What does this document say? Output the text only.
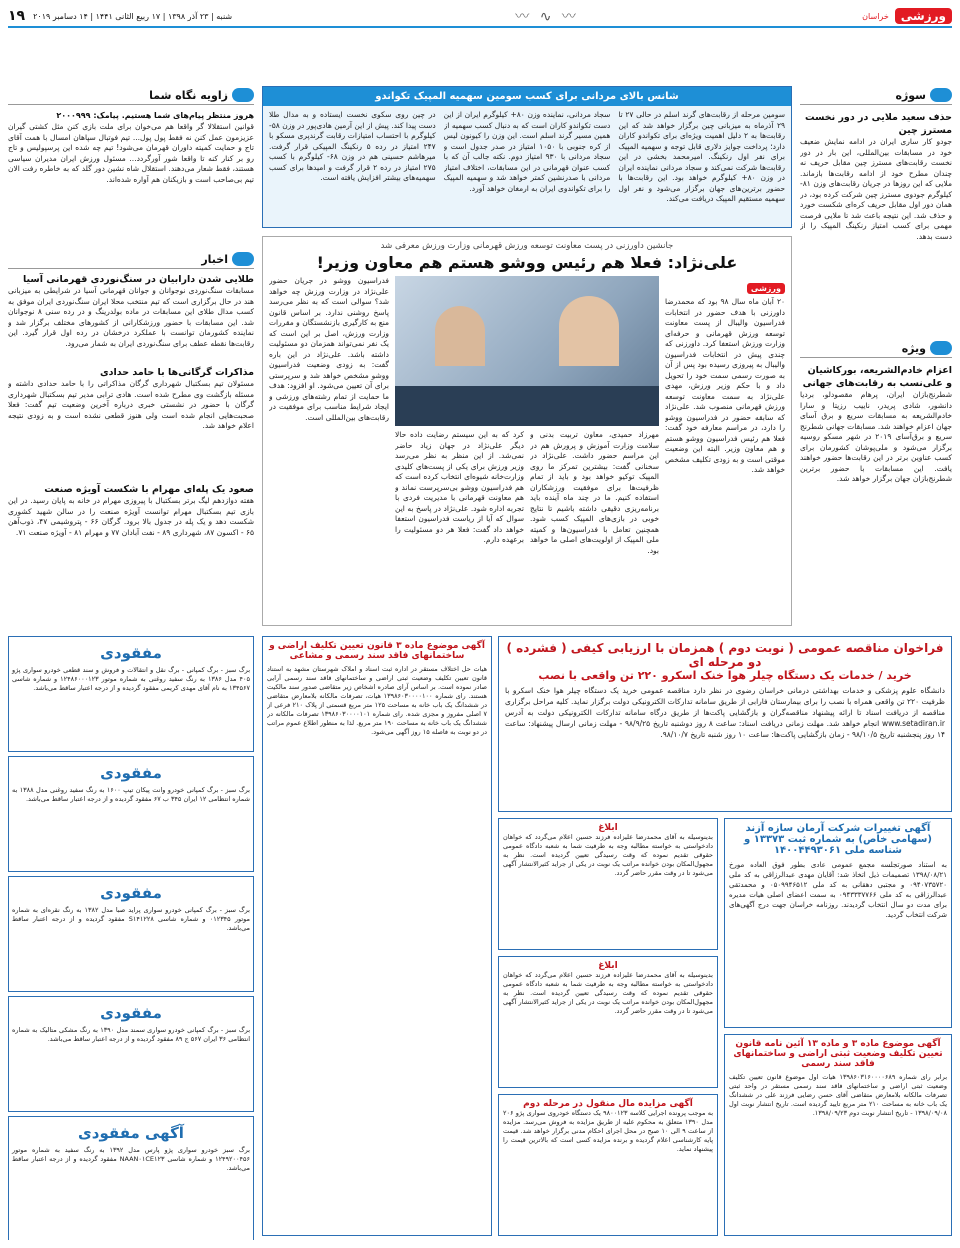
ورزشی
خراسان
〰 ∿ 〰
شنبه | ۲۳ آذر ۱۳۹۸ | ۱۷ ربیع الثانی ۱۴۴۱ | ۱۴ دسامبر ۲۰۱۹
۱۹
سوژه
حذف سعید ملایی در دور نخست مسترز چین
جودو کار ساری ایران در ادامه نمایش ضعیف خود در مسابقات بین‌المللی، این بار در دور نخست رقابت‌های مسترز چین مقابل حریف نه چندان مطرح خود از ادامه رقابت‌ها بازماند. ملایی که این روزها در جریان رقابت‌های وزن ۸۱- کیلوگرم جودوی مسترز چین شرکت کرده بود، در همان دور اول مقابل حریف کره‌ای شکست خورد و حذف شد. این نتیجه باعث شد تا ملایی فرصت مهمی برای کسب امتیاز رنکینگ المپیک را از دست بدهد.
ویژه
اعزام خادم‌الشریعه، بورکاشیان و علی‌نسب به رقابت‌های جهانی
شطرنج‌بازان ایران، پرهام مقصودلو، بردیا دانشور، شادی پریدر، ناییب رزیتا و سارا خادم‌الشریعه به مسابقات سریع و برق آسای جهان اعزام خواهند شد. مسابقات جهانی شطرنج سریع و برق‌آسای ۲۰۱۹ در شهر مسکو روسیه برگزار می‌شود و ملی‌پوشان کشورمان برای کسب عناوین برتر در این رقابت‌ها حضور خواهند یافت. این مسابقات با حضور برترین شطرنج‌بازان جهان برگزار خواهد شد.
شانس بالای مردانی برای کسب سومین سهمیه المپیک تکواندو
سومین مرحله از رقابت‌های گرند اسلم در حالی ۲۷ تا ۲۹ آذرماه به میزبانی چین برگزار خواهد شد که این رقابت‌ها به ۲ دلیل اهمیت ویژه‌ای برای تکواندو کاران دارد؛ پرداخت جوایز دلاری قابل توجه و سهمیه المپیک برای نفر اول رنکینگ. امیرمحمد بخشی در این رقابت‌ها شرکت نمی‌کند و سجاد مردانی نماینده ایران در وزن ۸۰+ کیلوگرم خواهد بود. این رقابت‌ها با حضور برترین‌های جهان برگزار می‌شود و نفر اول سهمیه مستقیم المپیک دریافت می‌کند.
سجاد مردانی، نماینده وزن ۸۰+ کیلوگرم ایران از این دست تکواندو کاران است که به دنبال کسب سهمیه از همین مسیر گرند اسلم است. این وزن را کیونون لیس از کره جنوبی با ۱۰۵۰ امتیاز در صدر جدول است و سجاد مردانی با ۹۳۰ امتیاز دوم. نکته جالب آن که با کسب عنوان قهرمانی در این مسابقات، اختلاف امتیاز مردانی با صدرنشین کمتر خواهد شد و سهمیه المپیک را برای تکواندوی ایران به ارمغان خواهد آورد.
در چین روی سکوی نخست ایستاده و به مدال طلا دست پیدا کند. پیش از این آرمین هادی‌پور در وزن ۵۸- کیلوگرم با احتساب امتیازات رقابت گرندپری مسکو با ۲۴۷ امتیاز در رده ۵ رنکینگ المپیکی قرار گرفت. میرهاشم حسینی هم در وزن ۶۸- کیلوگرم با کسب ۲۷۵ امتیاز در رده ۲ قرار گرفت و امیدها برای کسب سهمیه‌های بیشتر افزایش یافته است.
جانشین داورزنی در پست معاونت توسعه ورزش قهرمانی وزارت ورزش معرفی شد
علی‌نژاد: فعلا هم رئیس ووشو هستم هم معاون وزیر!
ورزشی
۲۰ آبان ماه سال ۹۸ بود که محمدرضا داورزنی با هدف حضور در انتخابات فدراسیون والیبال از پست معاونت توسعه ورزش قهرمانی و حرفه‌ای وزارت ورزش استعفا کرد. داورزنی که چندی پیش در انتخابات فدراسیون والیبال به پیروزی رسیده بود پس از آن به صورت رسمی سمت خود را تحویل داد و با حکم وزیر ورزش، مهدی علی‌نژاد به سمت معاونت توسعه ورزش قهرمانی منصوب شد. علی‌نژاد که سابقه حضور در فدراسیون ووشو را دارد، در مراسم معارفه خود گفت: فعلا هم رئیس فدراسیون ووشو هستم و هم معاون وزیر. البته این وضعیت موقتی است و به زودی تکلیف مشخص خواهد شد.
مهرزاد حمیدی، معاون تربیت بدنی و سلامت وزارت آموزش و پرورش هم در این مراسم حضور داشت. علی‌نژاد در سخنانی گفت: بیشترین تمرکز ما روی المپیک توکیو خواهد بود و باید از تمام ظرفیت‌ها برای موفقیت ورزشکاران استفاده کنیم. ما در چند ماه آینده باید برنامه‌ریزی دقیقی داشته باشیم تا نتایج خوبی در بازی‌های المپیک کسب شود. همچنین تعامل با فدراسیون‌ها و کمیته ملی المپیک از اولویت‌های اصلی ما خواهد بود.
کرد که به این سیستم رضایت داده حالا دیگر علی‌نژاد در جهان زیاد حاضر نمی‌شد. از این منظر به نظر می‌رسد وزیر ورزش برای یکی از پست‌های کلیدی وزارت‌خانه شیوه‌ای انتخاب کرده است که هم فدراسیون ووشو بی‌سرپرست نماند و هم معاونت قهرمانی با مدیریت فردی با تجربه اداره شود. علی‌نژاد در پاسخ به این سوال که آیا از ریاست فدراسیون استعفا خواهد داد گفت: فعلا هر دو مسئولیت را برعهده دارم.
فدراسیون ووشو در جریان حضور علی‌نژاد در وزارت ورزش چه خواهد شد؟ سوالی است که به نظر می‌رسد پاسخ روشنی ندارد. بر اساس قانون منع به کارگیری بازنشستگان و مقررات وزارت ورزش، اصل بر این است که یک نفر نمی‌تواند همزمان دو مسئولیت داشته باشد. علی‌نژاد در این باره گفت: به زودی وضعیت فدراسیون ووشو مشخص خواهد شد و سرپرستی برای آن تعیین می‌شود. او افزود: هدف ما حمایت از تمام رشته‌های ورزشی و ایجاد شرایط مناسب برای موفقیت در رقابت‌های بین‌المللی است.
زاویه نگاه شما
هروز منتظر پیام‌های شما هستیم. پیامک: ۲۰۰۰۹۹۹
قوانین استقلالا گر واقعا هم می‌خوان برای ملت بازی کنن مثل کشتی گیران عزیزمون عمل کنن نه فقط پول پول... تیم فوتبال سپاهان امسال با همت آقای تاج و حمایت کمیته داوران قهرمان می‌شود! تیم چه شده این پرسپولیس و تاج رو بر کنار کنه تا واقعا شور آورگردد... مسئول ورزش ایران مدیران سیاسی هستند، فقط شعار می‌دهند. استقلال شاه نشین دور گلد که به خاطره رفت الان تیم بی‌صاحب است و بازیکنان هم آواره شده‌اند.
اخبار
طلایی شدن دارابیان در سنگ‌نوردی قهرمانی آسیا
مسابقات سنگ‌نوردی نوجوانان و جوانان قهرمانی آسیا در شرایطی به میزبانی هند در حال برگزاری است که تیم منتخب محلا ایران سنگ‌نوردی ایران موفق به کسب مدال طلای این مسابقات در ماده بولدرینگ و در رده سنی ۸ نوجوانان شد. این مسابقات با حضور ورزشکارانی از کشورهای مختلف برگزار شد و نماینده کشورمان توانست با عملکرد درخشان در رده اول قرار گیرد. این رقابت‌ها نقطه عطف برای سنگ‌نوردی ایران به شمار می‌رود.
مذاکرات گرگانی‌ها با حامد حدادی
مسئولان تیم بسکتبال شهرداری گرگان مذاکراتی را با حامد حدادی داشته و مسئله بازگشت وی مطرح شده است. هادی ترابی مدیر تیم بسکتبال شهرداری گرگان با حضور در نشستی خبری درباره آخرین وضعیت تیم گفت: فعلا صحبت‌هایی انجام شده است ولی هنوز قطعی نشده است و به زودی نتیجه اعلام خواهد شد.
صعود یک پله‌ای مهرام با شکست آویژه صنعت
هفته دوازدهم لیگ برتر بسکتبال با پیروزی مهرام در خانه به پایان رسید. در این بازی تیم بسکتبال مهرام توانست آویژه صنعت را در سالن شهید کشوری شکست دهد و یک پله در جدول بالا برود. گرگان ۶۶ - پتروشیمی ۴۷، ذوب‌آهن ۶۵ - اکسون ۸۷، شهرداری ۸۹ - نفت آبادان ۷۷ و مهرام ۸۱ - آویژه صنعت ۷۱.
فراخوان مناقصه عمومی ( نوبت دوم ) همزمان با ارزیابی کیفی ( فشرده ) دو مرحله ای
خرید / خدمات یک دستگاه چیلر هوا خنک اسکرو ۲۲۰ تن واقعی با نصب
دانشگاه علوم پزشکی و خدمات بهداشتی درمانی خراسان رضوی در نظر دارد مناقصه عمومی خرید یک دستگاه چیلر هوا خنک اسکرو با ظرفیت ۲۲۰ تن واقعی همراه با نصب را برای بیمارستان فارابی از طریق سامانه تدارکات الکترونیکی دولت برگزار نماید. کلیه مراحل برگزاری مناقصه از دریافت اسناد تا ارائه پیشنهاد مناقصه‌گران و بازگشایی پاکت‌ها از طریق درگاه سامانه تدارکات الکترونیکی دولت به آدرس www.setadiran.ir انجام خواهد شد. مهلت زمانی دریافت اسناد: ساعت ۸ روز دوشنبه تاریخ ۹۸/۹/۲۵ - مهلت زمانی ارسال پیشنهاد: ساعت ۱۴ روز پنجشنبه تاریخ ۹۸/۱۰/۵ - زمان بازگشایی پاکت‌ها: ساعت ۱۰ روز شنبه تاریخ ۹۸/۱۰/۷.
آگهی موضوع ماده ۳ قانون تعیین تکلیف اراضی و ساختمانهای فاقد سند رسمی و مشاعی
هیات حل اختلاف مستقر در اداره ثبت اسناد و املاک شهرستان مشهد به استناد قانون تعیین تکلیف وضعیت ثبتی اراضی و ساختمانهای فاقد سند رسمی آرایی صادر نموده است. بر اساس آرای صادره اشخاص زیر متقاضی صدور سند مالکیت هستند. رای شماره ۱۳۹۸۶۰۳۰۰۰۰۱۰۰ هیات، تصرفات مالکانه بلامعارض متقاضی در ششدانگ یک باب خانه به مساحت ۱۲۵ متر مربع قسمتی از پلاک ۲۱۰ فرعی از ۷ اصلی مفروز و مجزی شده. رای شماره ۱۳۹۸۶۰۳۰۰۰۰۱۰۱ تصرفات مالکانه در ششدانگ یک باب خانه به مساحت ۱۹۰ متر مربع. لذا به منظور اطلاع عموم مراتب در دو نوبت به فاصله ۱۵ روز آگهی می‌شود.
مفقودی
برگ سبز - برگ کمپانی - برگ نقل و انتقالات و فروش و سند قطعی خودرو سواری پژو ۴۰۵ مدل ۱۳۸۶ به رنگ سفید روغنی به شماره موتور ۱۲۴۸۶۰۰۰۱۲۳ و شماره شاسی ۱۳۴۵۶۷ به نام آقای مهدی کریمی مفقود گردیده و از درجه اعتبار ساقط می‌باشد.
مفقودی
برگ سبز - برگ کمپانی خودرو وانت پیکان تیپ ۱۶۰۰ به رنگ سفید روغنی مدل ۱۳۸۸ به شماره انتظامی ۱۲ ایران ۳۴۵ ب ۶۷ مفقود گردیده و از درجه اعتبار ساقط می‌باشد.
مفقودی
برگ سبز - برگ کمپانی خودرو سواری پراید صبا مدل ۱۳۸۲ به رنگ نقره‌ای به شماره موتور ۰۱۲۳۴۵ و شماره شاسی S۱۴۱۲۲۸ مفقود گردیده و از درجه اعتبار ساقط می‌باشد.
مفقودی
برگ سبز - برگ کمپانی خودرو سواری سمند مدل ۱۳۹۰ به رنگ مشکی متالیک به شماره انتظامی ۳۶ ایران ۵۶۷ ج ۸۹ مفقود گردیده و از درجه اعتبار ساقط می‌باشد.
آگهی مفقودی
برگ سبز خودرو سواری پژو پارس مدل ۱۳۹۲ به رنگ سفید به شماره موتور ۱۲۴۹۲۰۰۴۵۶ و شماره شاسی NAAN۰۱CE۱۲۳ مفقود گردیده و از درجه اعتبار ساقط می‌باشد.
ابلاغ
بدینوسیله به آقای محمدرضا علیزاده فرزند حسین اعلام می‌گردد که خواهان دادخواستی به خواسته مطالبه وجه به طرفیت شما به شعبه دادگاه عمومی حقوقی تقدیم نموده که وقت رسیدگی تعیین گردیده است. نظر به مجهول‌المکان بودن خوانده مراتب یک نوبت در یکی از جراید کثیرالانتشار آگهی می‌شود تا در وقت مقرر حاضر گردد.
ابلاغ
بدینوسیله به آقای محمدرضا علیزاده فرزند حسین اعلام می‌گردد که خواهان دادخواستی به خواسته مطالبه وجه به طرفیت شما به شعبه دادگاه عمومی حقوقی تقدیم نموده که وقت رسیدگی تعیین گردیده است. نظر به مجهول‌المکان بودن خوانده مراتب یک نوبت در یکی از جراید کثیرالانتشار آگهی می‌شود تا در وقت مقرر حاضر گردد.
آگهی مزایده مال منقول در مرحله دوم
به موجب پرونده اجرایی کلاسه ۹۸۰۰۱۲۳ یک دستگاه خودروی سواری پژو ۲۰۶ مدل ۱۳۹۰ متعلق به محکوم علیه از طریق مزایده به فروش می‌رسد. مزایده از ساعت ۹ الی ۱۰ صبح در محل اجرای احکام مدنی برگزار خواهد شد. قیمت پایه کارشناسی اعلام گردیده و برنده مزایده کسی است که بالاترین قیمت را پیشنهاد نماید.
آگهی تغییرات شرکت آرمان سازه آزند (سهامی خاص) به شماره ثبت ۱۳۳۷۳ و شناسه ملی ۱۴۰۰۴۴۹۳۰۶۱
به استناد صورتجلسه مجمع عمومی عادی بطور فوق العاده مورخ ۱۳۹۸/۰۸/۲۱ تصمیمات ذیل اتخاذ شد: آقایان مهدی عبدالرزاقی به کد ملی ۰۹۴۰۷۳۵۷۲۰ و مجتبی دهقانی به کد ملی ۰۵۰۹۹۴۶۵۱۲ و محمدتقی عبدالرزاقی به کد ملی ۰۹۴۳۳۳۷۷۶۶ به سمت اعضای اصلی هیات مدیره برای مدت دو سال انتخاب گردیدند. روزنامه خراسان جهت درج آگهی‌های شرکت انتخاب گردید.
آگهی موضوع ماده ۳ و ماده ۱۳ آئین نامه قانون تعیین تکلیف وضعیت ثبتی اراضی و ساختمانهای فاقد سند رسمی
برابر رای شماره ۱۳۹۸۶۰۳۱۶۰۰۰۰۶۸۹ هیات اول موضوع قانون تعیین تکلیف وضعیت ثبتی اراضی و ساختمانهای فاقد سند رسمی مستقر در واحد ثبتی تصرفات مالکانه بلامعارض متقاضی آقای حسن رضایی فرزند علی در ششدانگ یک باب خانه به مساحت ۲۱۰ متر مربع تایید گردیده است. تاریخ انتشار نوبت اول ۱۳۹۸/۰۹/۰۸ - تاریخ انتشار نوبت دوم ۱۳۹۸/۰۹/۲۳.
